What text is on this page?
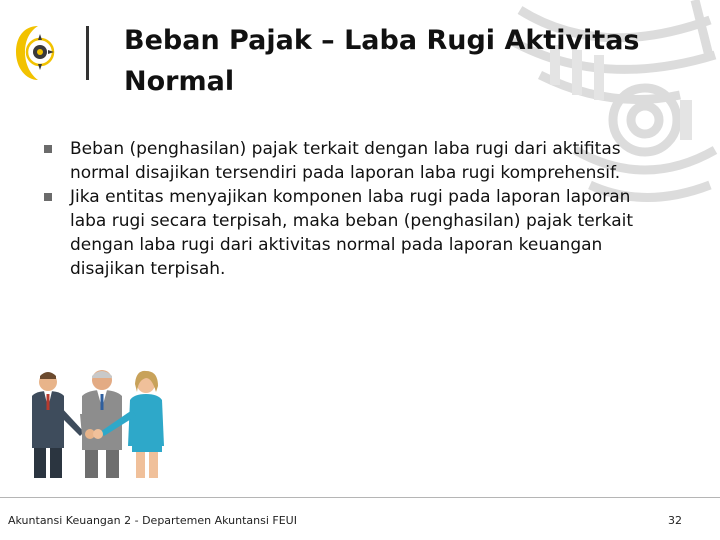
Beban Pajak – Laba Rugi Aktivitas Normal
Beban (penghasilan) pajak terkait dengan laba rugi dari aktifitas normal disajikan tersendiri pada laporan laba rugi komprehensif.
Jika entitas menyajikan komponen laba rugi pada laporan laporan laba rugi secara terpisah, maka beban (penghasilan) pajak terkait dengan laba rugi dari aktivitas normal pada laporan keuangan disajikan terpisah.
Akuntansi Keuangan 2 - Departemen Akuntansi FEUI	32
